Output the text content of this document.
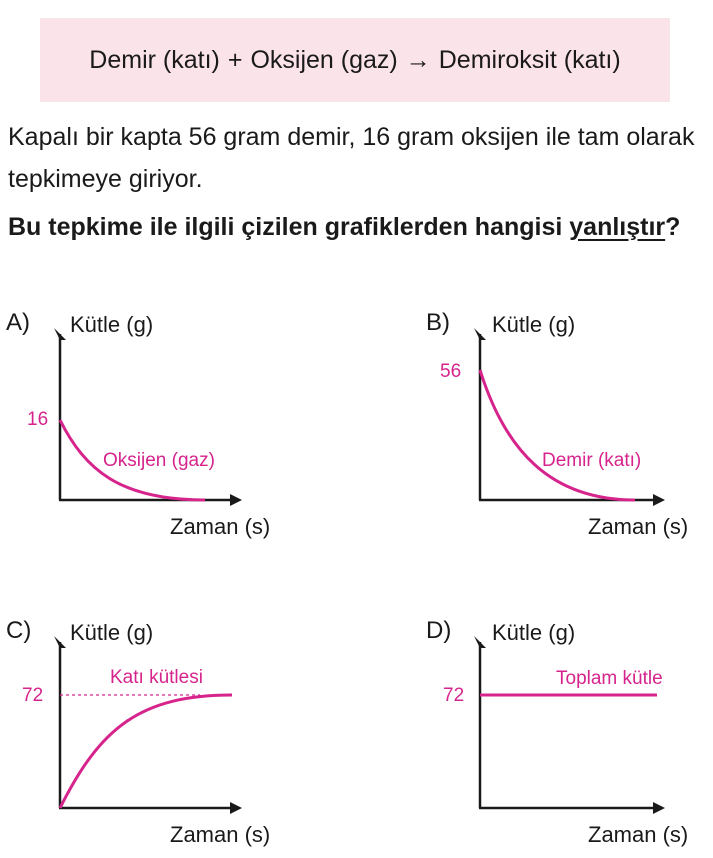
Demir (katı) + Oksijen (gaz) → Demiroksit (katı)

Kapalı bir kapta 56 gram demir, 16 gram oksijen ile tam olarak tepkimeye giriyor.

Bu tepkime ile ilgili çizilen grafiklerden hangisi yanlıştır?

A) Kütle (g)
Zaman (s)
16
Oksijen (gaz)
B) Kütle (g)
Zaman (s)
56
Demir (katı)
C) Kütle (g)
Zaman (s)
72
Katı kütlesi
D) Kütle (g)
Zaman (s)
72
Toplam kütle
